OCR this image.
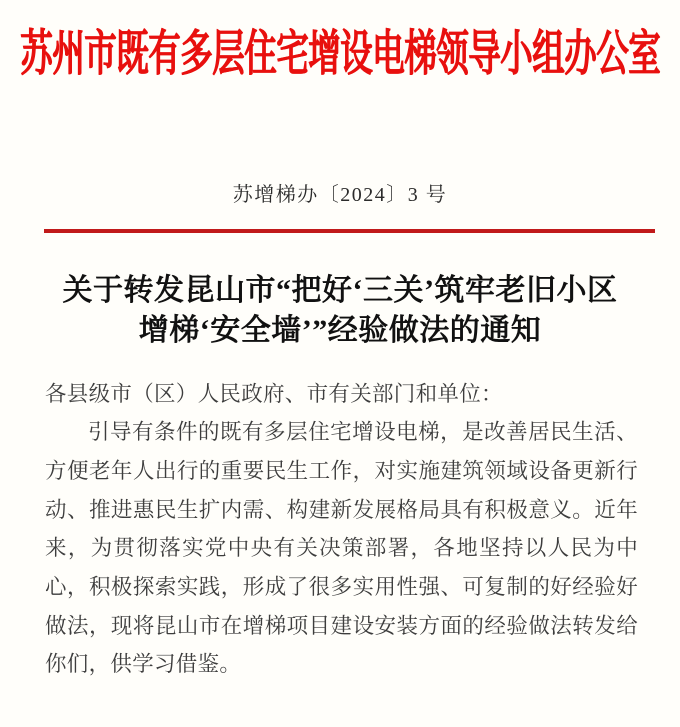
苏州市既有多层住宅增设电梯领导小组办公室
苏增梯办〔2024〕3 号
关于转发昆山市“把好‘三关’筑牢老旧小区
增梯‘安全墙’”经验做法的通知
各县级市（区）人民政府、市有关部门和单位：

引导有条件的既有多层住宅增设电梯，是改善居民生活、方便老年人出行的重要民生工作，对实施建筑领域设备更新行动、推进惠民生扩内需、构建新发展格局具有积极意义。近年来，为贯彻落实党中央有关决策部署，各地坚持以人民为中心，积极探索实践，形成了很多实用性强、可复制的好经验好做法，现将昆山市在增梯项目建设安装方面的经验做法转发给你们，供学习借鉴。
